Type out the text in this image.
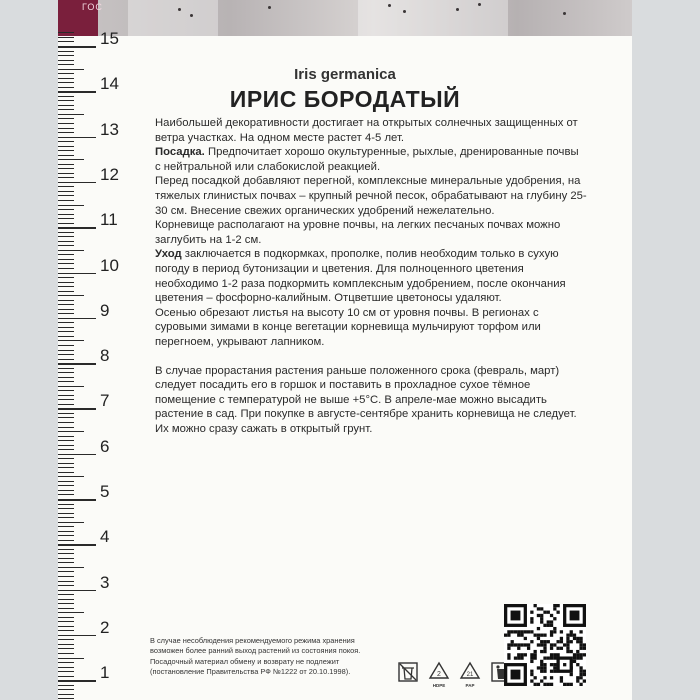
ГОС
Iris germanica
ИРИС БОРОДАТЫЙ

Наибольшей декоративности достигает на открытых солнечных защищенных от ветра участках. На одном месте растет 4-5 лет.

Посадка. Предпочитает хорошо окультуренные, рыхлые, дренированные почвы с нейтральной или слабокислой реакцией.

Перед посадкой добавляют перегной, комплексные минеральные удобрения, на тяжелых глинистых почвах – крупный речной песок, обрабатывают на глубину 25-30 см. Внесение свежих органических удобрений нежелательно.

Корневище располагают на уровне почвы, на легких песчаных почвах можно заглубить на 1-2 см.

Уход заключается в подкормках, прополке, полив необходим только в сухую погоду в период бутонизации и цветения. Для полноценного цветения необходимо 1-2 раза подкормить комплексным удобрением, после окончания цветения – фосфорно-калийным. Отцветшие цветоносы удаляют.

Осенью обрезают листья на высоту 10 см от уровня почвы. В регионах с суровыми зимами в конце вегетации корневища мульчируют торфом или перегноем, укрывают лапником.

В случае прорастания растения раньше положенного срока (февраль, март) следует посадить его в горшок и поставить в прохладное сухое тёмное помещение с температурой не выше +5°С. В апреле-мае можно высадить растение в сад. При покупке в августе-сентябре хранить корневища не следует. Их можно сразу сажать в открытый грунт.

В случае несоблюдения рекомендуемого режима хранения

возможен более ранний выход растений из состояния покоя.

Посадочный материал обмену и возврату не подлежит

(постановление Правительства РФ №1222 от 20.10.1998).	2
HDPE
21
PAP
15
14
13
12
11
10
9
8
7
6
5
4
3
2
1
